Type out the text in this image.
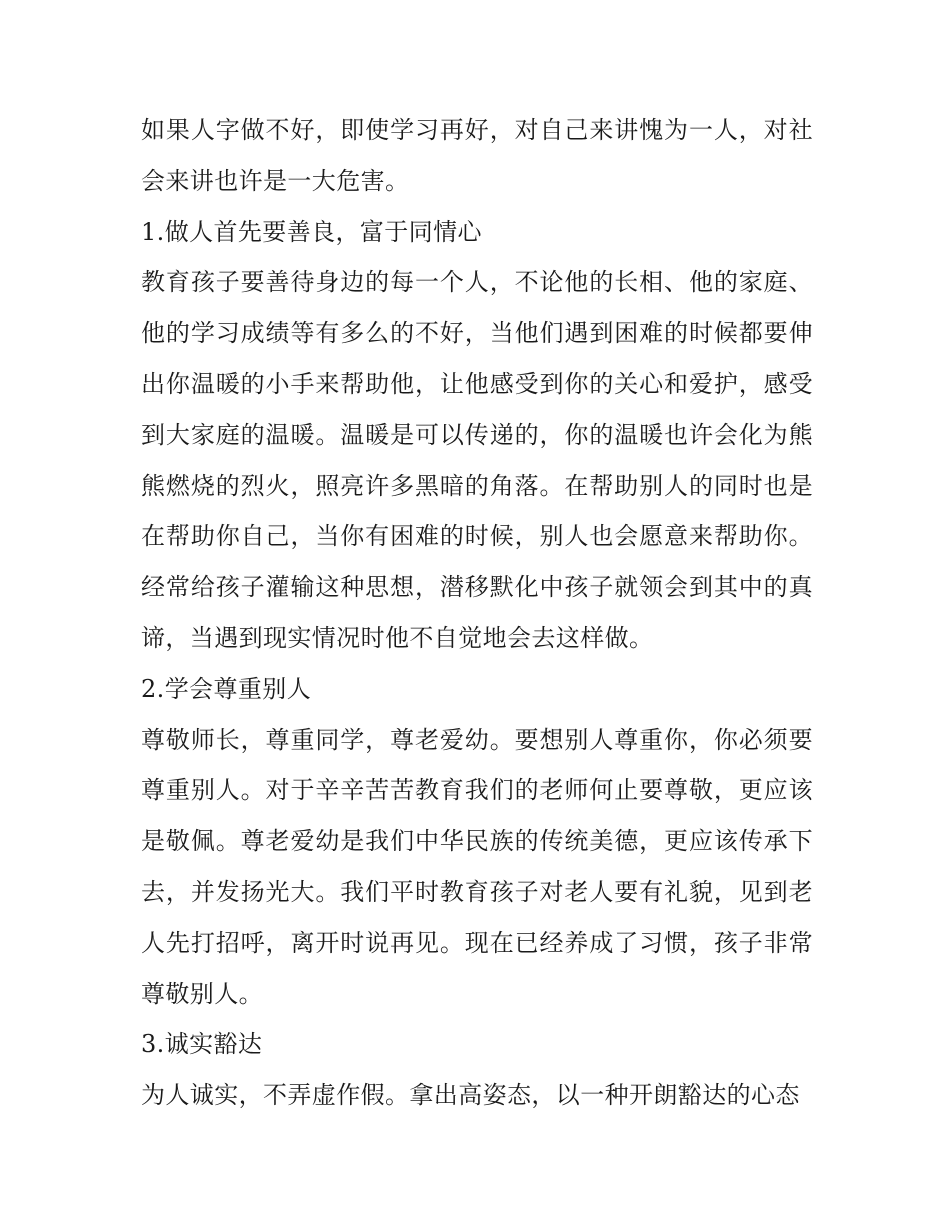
如果人字做不好，即使学习再好，对自己来讲愧为一人，对社会来讲也许是一大危害。

1.做人首先要善良，富于同情心

教育孩子要善待身边的每一个人，不论他的长相、他的家庭、他的学习成绩等有多么的不好，当他们遇到困难的时候都要伸出你温暖的小手来帮助他，让他感受到你的关心和爱护，感受到大家庭的温暖。温暖是可以传递的，你的温暖也许会化为熊熊燃烧的烈火，照亮许多黑暗的角落。在帮助别人的同时也是在帮助你自己，当你有困难的时候，别人也会愿意来帮助你。经常给孩子灌输这种思想，潜移默化中孩子就领会到其中的真谛，当遇到现实情况时他不自觉地会去这样做。

2.学会尊重别人

尊敬师长，尊重同学，尊老爱幼。要想别人尊重你，你必须要尊重别人。对于辛辛苦苦教育我们的老师何止要尊敬，更应该是敬佩。尊老爱幼是我们中华民族的传统美德，更应该传承下去，并发扬光大。我们平时教育孩子对老人要有礼貌，见到老人先打招呼，离开时说再见。现在已经养成了习惯，孩子非常尊敬别人。

3.诚实豁达

为人诚实，不弄虚作假。拿出高姿态，以一种开朗豁达的心态
